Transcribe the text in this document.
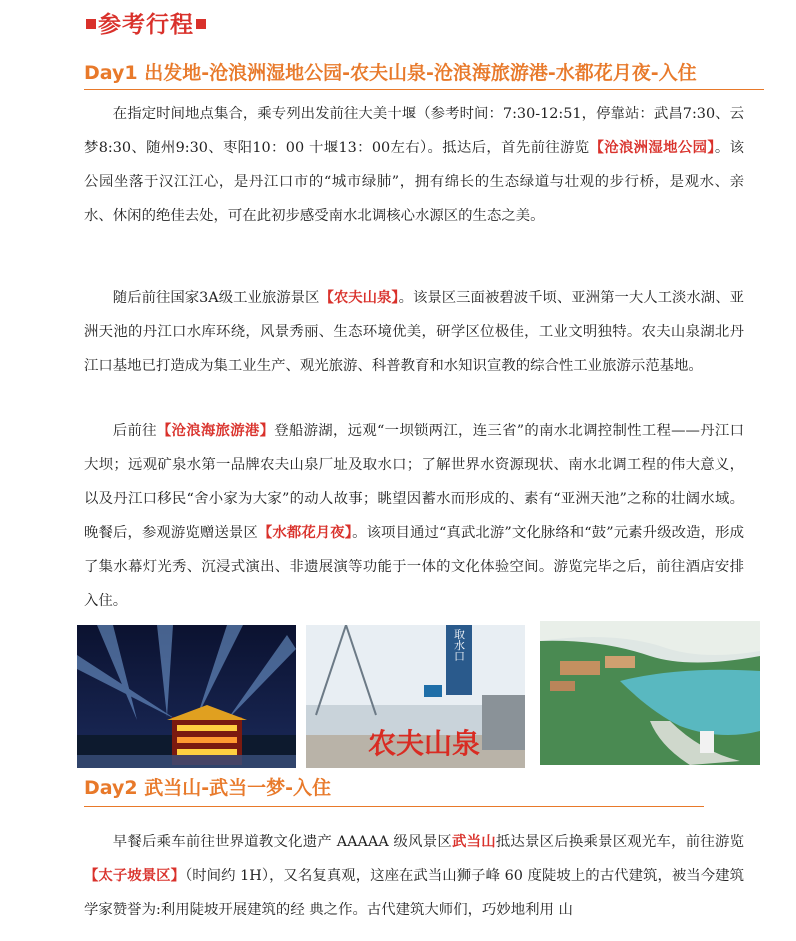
参考行程
Day1 出发地-沧浪洲湿地公园-农夫山泉-沧浪海旅游港-水都花月夜-入住

在指定时间地点集合，乘专列出发前往大美十堰（参考时间：7:30-12:51，停靠站：武昌7:30、云梦8:30、随州9:30、枣阳10：00 十堰13：00左右）。抵达后，首先前往游览【沧浪洲湿地公园】。该公园坐落于汉江江心，是丹江口市的“城市绿肺”，拥有绵长的生态绿道与壮观的步行桥，是观水、亲水、休闲的绝佳去处，可在此初步感受南水北调核心水源区的生态之美。

随后前往国家3A级工业旅游景区【农夫山泉】。该景区三面被碧波千顷、亚洲第一大人工淡水湖、亚洲天池的丹江口水库环绕，风景秀丽、生态环境优美，研学区位极佳，工业文明独特。农夫山泉湖北丹江口基地已打造成为集工业生产、观光旅游、科普教育和水知识宣教的综合性工业旅游示范基地。

后前往【沧浪海旅游港】登船游湖，远观“一坝锁两江，连三省”的南水北调控制性工程——丹江口大坝；远观矿泉水第一品牌农夫山泉厂址及取水口；了解世界水资源现状、南水北调工程的伟大意义，以及丹江口移民“舍小家为大家”的动人故事；眺望因蓄水而形成的、素有“亚洲天池”之称的壮阔水域。晚餐后，参观游览赠送景区【水都花月夜】。该项目通过“真武北游”文化脉络和“鼓”元素升级改造，形成了集水幕灯光秀、沉浸式演出、非遗展演等功能于一体的文化体验空间。游览完毕之后，前往酒店安排入住。

取水口
农夫山泉
Day2 武当山-武当一梦-入住

早餐后乘车前往世界道教文化遗产 AAAAA 级风景区武当山抵达景区后换乘景区观光车，前往游览【太子坡景区】（时间约 1H），又名复真观，这座在武当山狮子峰 60 度陡坡上的古代建筑，被当今建筑 学家赞誉为:利用陡坡开展建筑的经 典之作。古代建筑大师们，巧妙地利用 山
